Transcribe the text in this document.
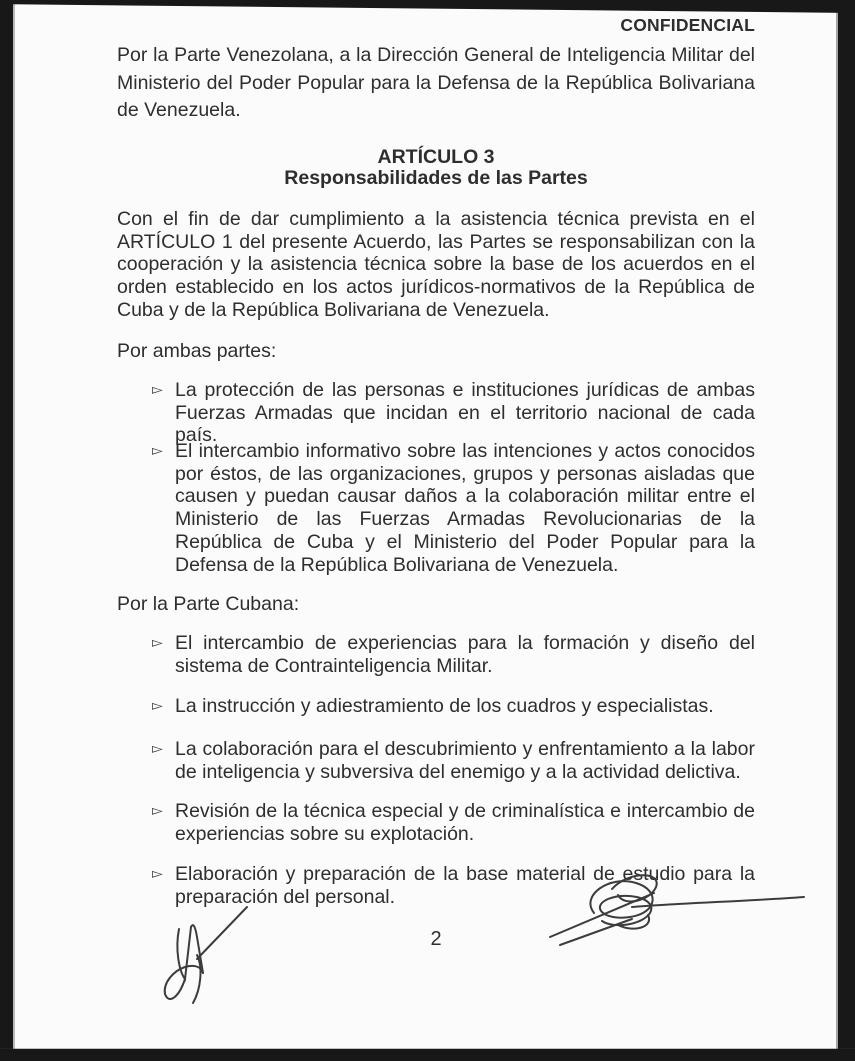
CONFIDENCIAL
Por la Parte Venezolana, a la Dirección General de Inteligencia Militar del Ministerio del Poder Popular para la Defensa de la República Bolivariana de Venezuela.
ARTÍCULO 3
Responsabilidades de las Partes
Con el fin de dar cumplimiento a la asistencia técnica prevista en el ARTÍCULO 1 del presente Acuerdo, las Partes se responsabilizan con la cooperación y la asistencia técnica sobre la base de los acuerdos en el orden establecido en los actos jurídicos-normativos de la República de Cuba y de la República Bolivariana de Venezuela.
Por ambas partes:
▻ La protección de las personas e instituciones jurídicas de ambas Fuerzas Armadas que incidan en el territorio nacional de cada país.
▻ El intercambio informativo sobre las intenciones y actos conocidos por éstos, de las organizaciones, grupos y personas aisladas que causen y puedan causar daños a la colaboración militar entre el Ministerio de las Fuerzas Armadas Revolucionarias de la República de Cuba y el Ministerio del Poder Popular para la Defensa de la República Bolivariana de Venezuela.
Por la Parte Cubana:
▻ El intercambio de experiencias para la formación y diseño del sistema de Contrainteligencia Militar.
▻ La instrucción y adiestramiento de los cuadros y especialistas.
▻ La colaboración para el descubrimiento y enfrentamiento a la labor de inteligencia y subversiva del enemigo y a la actividad delictiva.
▻ Revisión de la técnica especial y de criminalística e intercambio de experiencias sobre su explotación.
▻ Elaboración y preparación de la base material de estudio para la preparación del personal.
2
